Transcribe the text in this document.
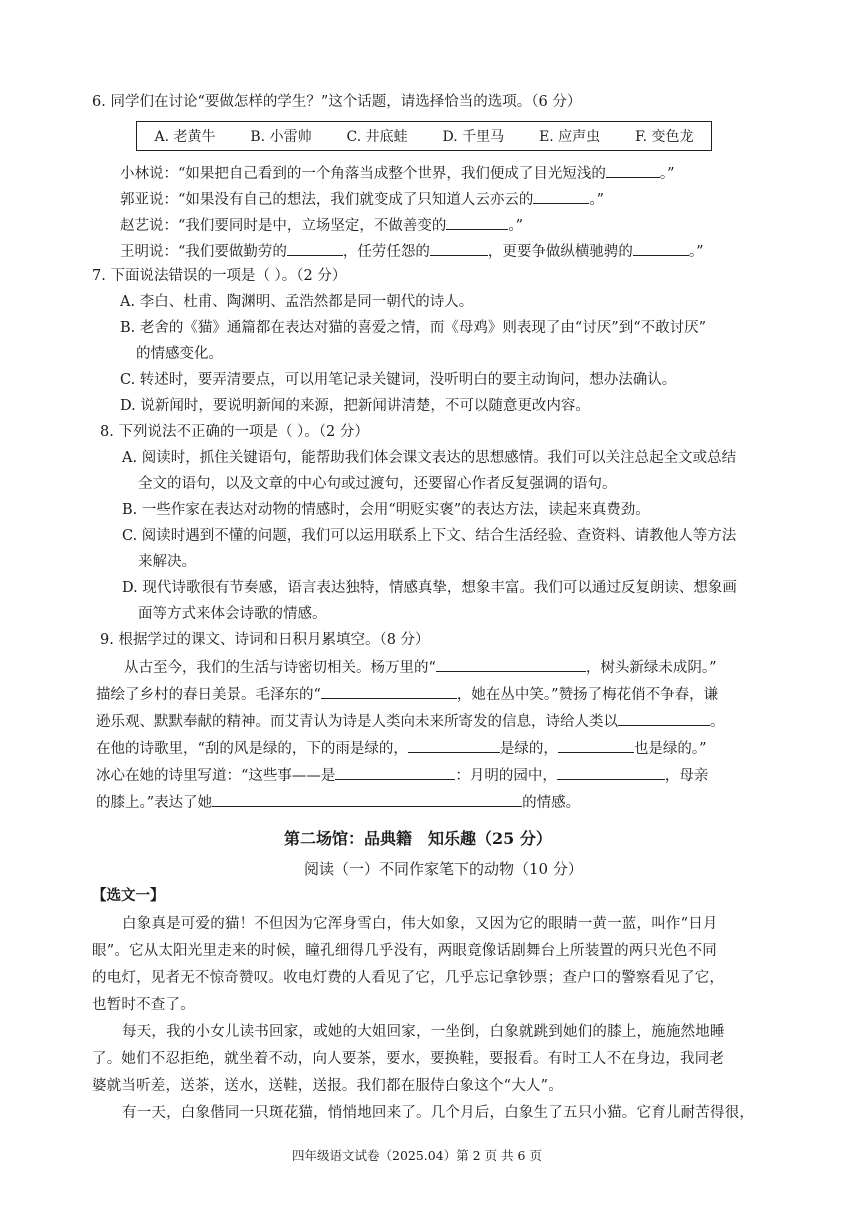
6. 同学们在讨论“要做怎样的学生？”这个话题，请选择恰当的选项。（6 分）
A. 老黄牛 B. 小雷帅 C. 井底蛙 D. 千里马 E. 应声虫 F. 变色龙
小林说：“如果把自己看到的一个角落当成整个世界，我们便成了目光短浅的	。”
郭亚说：“如果没有自己的想法，我们就变成了只知道人云亦云的	。”
赵艺说：“我们要同时是中，立场坚定，不做善变的	。”
王明说：“我们要做勤劳的	，任劳任怨的	，更要争做纵横驰骋的	。”
7. 下面说法错误的一项是（ ）。（2 分）
A. 李白、杜甫、陶渊明、孟浩然都是同一朝代的诗人。
B. 老舍的《猫》通篇都在表达对猫的喜爱之情，而《母鸡》则表现了由“讨厌”到“不敢讨厌”
的情感变化。
C. 转述时，要弄清要点，可以用笔记录关键词，没听明白的要主动询问，想办法确认。
D. 说新闻时，要说明新闻的来源，把新闻讲清楚，不可以随意更改内容。
8. 下列说法不正确的一项是（ ）。（2 分）
A. 阅读时，抓住关键语句，能帮助我们体会课文表达的思想感情。我们可以关注总起全文或总结
全文的语句，以及文章的中心句或过渡句，还要留心作者反复强调的语句。
B. 一些作家在表达对动物的情感时，会用“明贬实褒”的表达方法，读起来真费劲。
C. 阅读时遇到不懂的问题，我们可以运用联系上下文、结合生活经验、查资料、请教他人等方法
来解决。
D. 现代诗歌很有节奏感，语言表达独特，情感真挚，想象丰富。我们可以通过反复朗读、想象画
面等方式来体会诗歌的情感。
9. 根据学过的课文、诗词和日积月累填空。（8 分）
从古至今，我们的生活与诗密切相关。杨万里的“	，树头新绿未成阴。”
描绘了乡村的春日美景。毛泽东的“	，她在丛中笑。”赞扬了梅花俏不争春，谦
逊乐观、默默奉献的精神。而艾青认为诗是人类向未来所寄发的信息，诗给人类以	。
在他的诗歌里，“刮的风是绿的，下的雨是绿的，	是绿的，	也是绿的。”
冰心在她的诗里写道：“这些事——是	：月明的园中，	，母亲
的膝上。”表达了她	的情感。
第二场馆：品典籍　知乐趣（25 分）
阅读（一）不同作家笔下的动物（10 分）
【选文一】
白象真是可爱的猫！不但因为它浑身雪白，伟大如象，又因为它的眼睛一黄一蓝，叫作“日月
眼”。它从太阳光里走来的时候，瞳孔细得几乎没有，两眼竟像话剧舞台上所装置的两只光色不同
的电灯，见者无不惊奇赞叹。收电灯费的人看见了它，几乎忘记拿钞票；查户口的警察看见了它，
也暂时不查了。
每天，我的小女儿读书回家，或她的大姐回家，一坐倒，白象就跳到她们的膝上，施施然地睡
了。她们不忍拒绝，就坐着不动，向人要茶，要水，要换鞋，要报看。有时工人不在身边，我同老
婆就当听差，送茶，送水，送鞋，送报。我们都在服侍白象这个“大人”。
有一天，白象偕同一只斑花猫，悄悄地回来了。几个月后，白象生了五只小猫。它育儿耐苦得很，
四年级语文试卷（2025.04）第 2 页 共 6 页
